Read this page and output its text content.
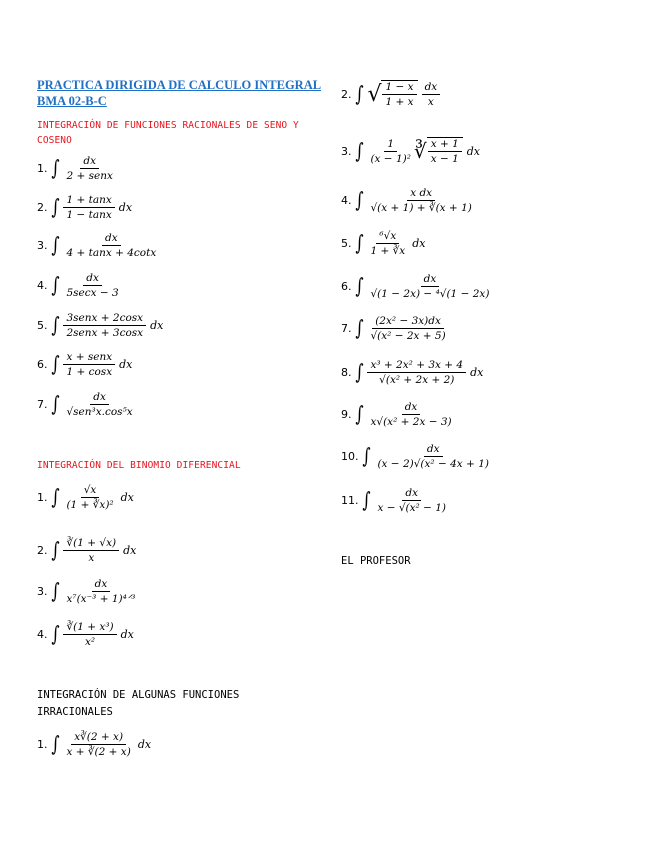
PRACTICA DIRIGIDA DE CALCULO INTEGRAL BMA 02-B-C
INTEGRACIÓN DE FUNCIONES RACIONALES DE SENO Y COSENO
1. ∫ $\frac{dx}{\text{2 + senx}}$
2. ∫ $\frac{1 + \tan x}{1 - \tan x}$ dx
3. ∫ $\frac{dx}{4 + \tan x + 4\cot x}$
4. ∫ $\frac{dx}{5\sec x - 3}$
5. ∫ $\frac{\text{3senx + 2cosx}}{\text{2senx + 3cosx}}$ dx
6. ∫ $\frac{\text{x + senx}}{1 + \cos x}$ dx
7. ∫ $\frac{dx}{\text{√sen³x.cos⁵x}}$
INTEGRACIÓN DEL BINOMIO DIFERENCIAL
1. ∫ $\frac{√x}{\text{(1 + ∛x)²}}$ dx
2. ∫ $\frac{∛(1 + √x)}{x}$ dx
3. ∫ $\frac{dx}{\text{x⁷(x⁻³ + 1)⁴ᐟ³}}$
4. ∫ $\frac{\text{∛(1 + x³)}}{\text{x²}}$ dx
INTEGRACIÓN DE ALGUNAS FUNCIONES IRRACIONALES
1. ∫ $\frac{x∛(2 + x)}{x + ∛(2 + x)}$ dx
2. ∫ √ $\frac{1 - x}{1 + x} \frac{dx}{x}$
3. ∫ $\frac{1}{\text{(x − 1)²}}$ ∛ $\frac{x + 1}{x - 1}$ dx
4. ∫ $\frac{\text{x dx}}{√(x + 1) + ∛(x + 1)}$
5. ∫ $\frac{\text{⁶√x}}{1 + ∛x}$ dx
6. ∫ $\frac{dx}{\text{√(1 − 2x) − ⁴√(1 − 2x)}}$
7. ∫ $\frac{\text{(2x² − 3x)dx}}{\text{√(x² − 2x + 5)}}$
8. ∫ $\frac{\text{x³ + 2x² + 3x + 4}}{\text{√(x² + 2x + 2)}}$ dx
9. ∫ $\frac{dx}{\text{x√(x² + 2x − 3)}}$
10. ∫ $\frac{dx}{\text{(x − 2)√(x² − 4x + 1)}}$
11. ∫ $\frac{dx}{\text{x − √(x² − 1)}}$
EL PROFESOR
